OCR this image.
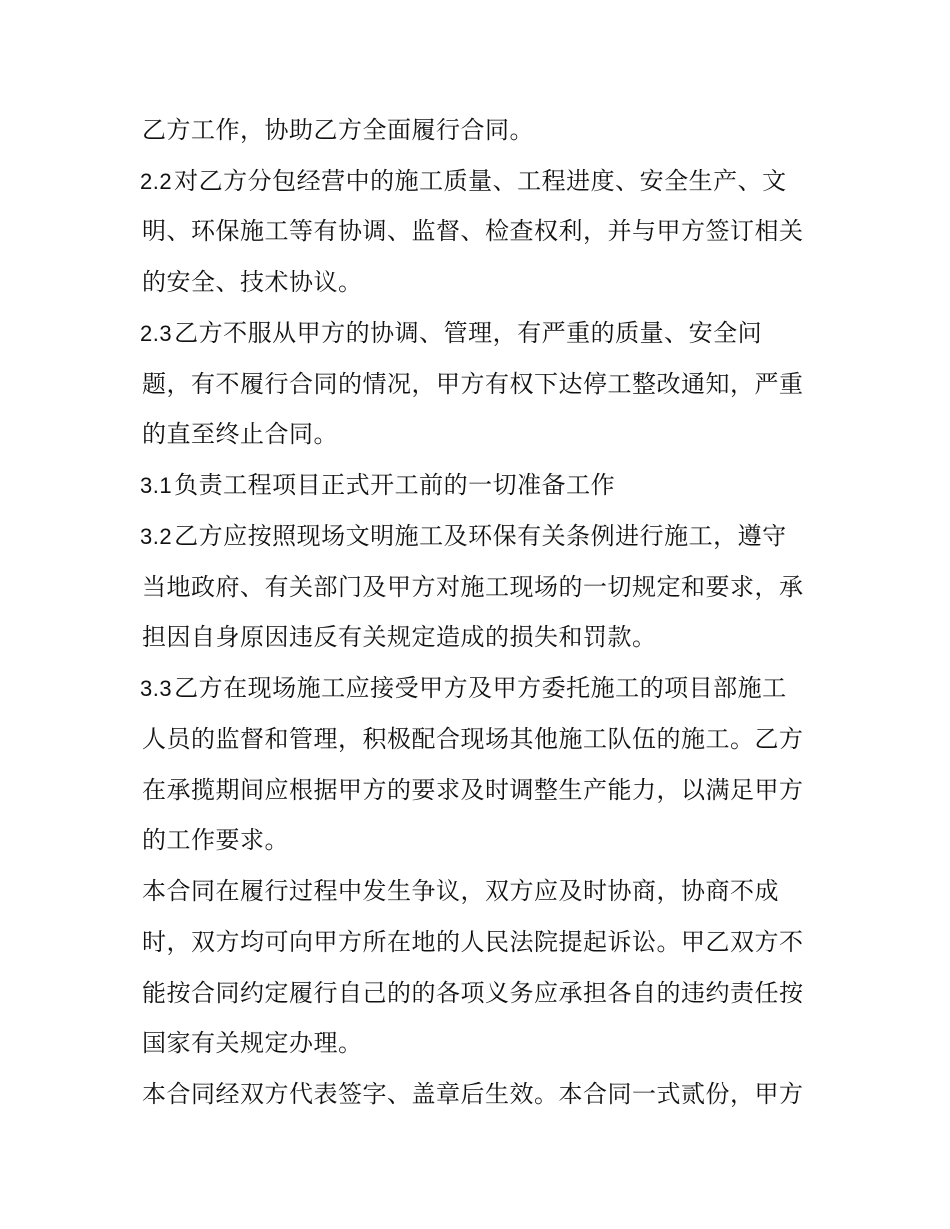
乙方工作，协助乙方全面履行合同。
2.2对乙方分包经营中的施工质量、工程进度、安全生产、文
明、环保施工等有协调、监督、检查权利，并与甲方签订相关
的安全、技术协议。
2.3乙方不服从甲方的协调、管理，有严重的质量、安全问
题，有不履行合同的情况，甲方有权下达停工整改通知，严重
的直至终止合同。
3.1负责工程项目正式开工前的一切准备工作
3.2乙方应按照现场文明施工及环保有关条例进行施工，遵守
当地政府、有关部门及甲方对施工现场的一切规定和要求，承
担因自身原因违反有关规定造成的损失和罚款。
3.3乙方在现场施工应接受甲方及甲方委托施工的项目部施工
人员的监督和管理，积极配合现场其他施工队伍的施工。乙方
在承揽期间应根据甲方的要求及时调整生产能力，以满足甲方
的工作要求。
本合同在履行过程中发生争议，双方应及时协商，协商不成
时，双方均可向甲方所在地的人民法院提起诉讼。甲乙双方不
能按合同约定履行自己的的各项义务应承担各自的违约责任按
国家有关规定办理。
本合同经双方代表签字、盖章后生效。本合同一式贰份，甲方
